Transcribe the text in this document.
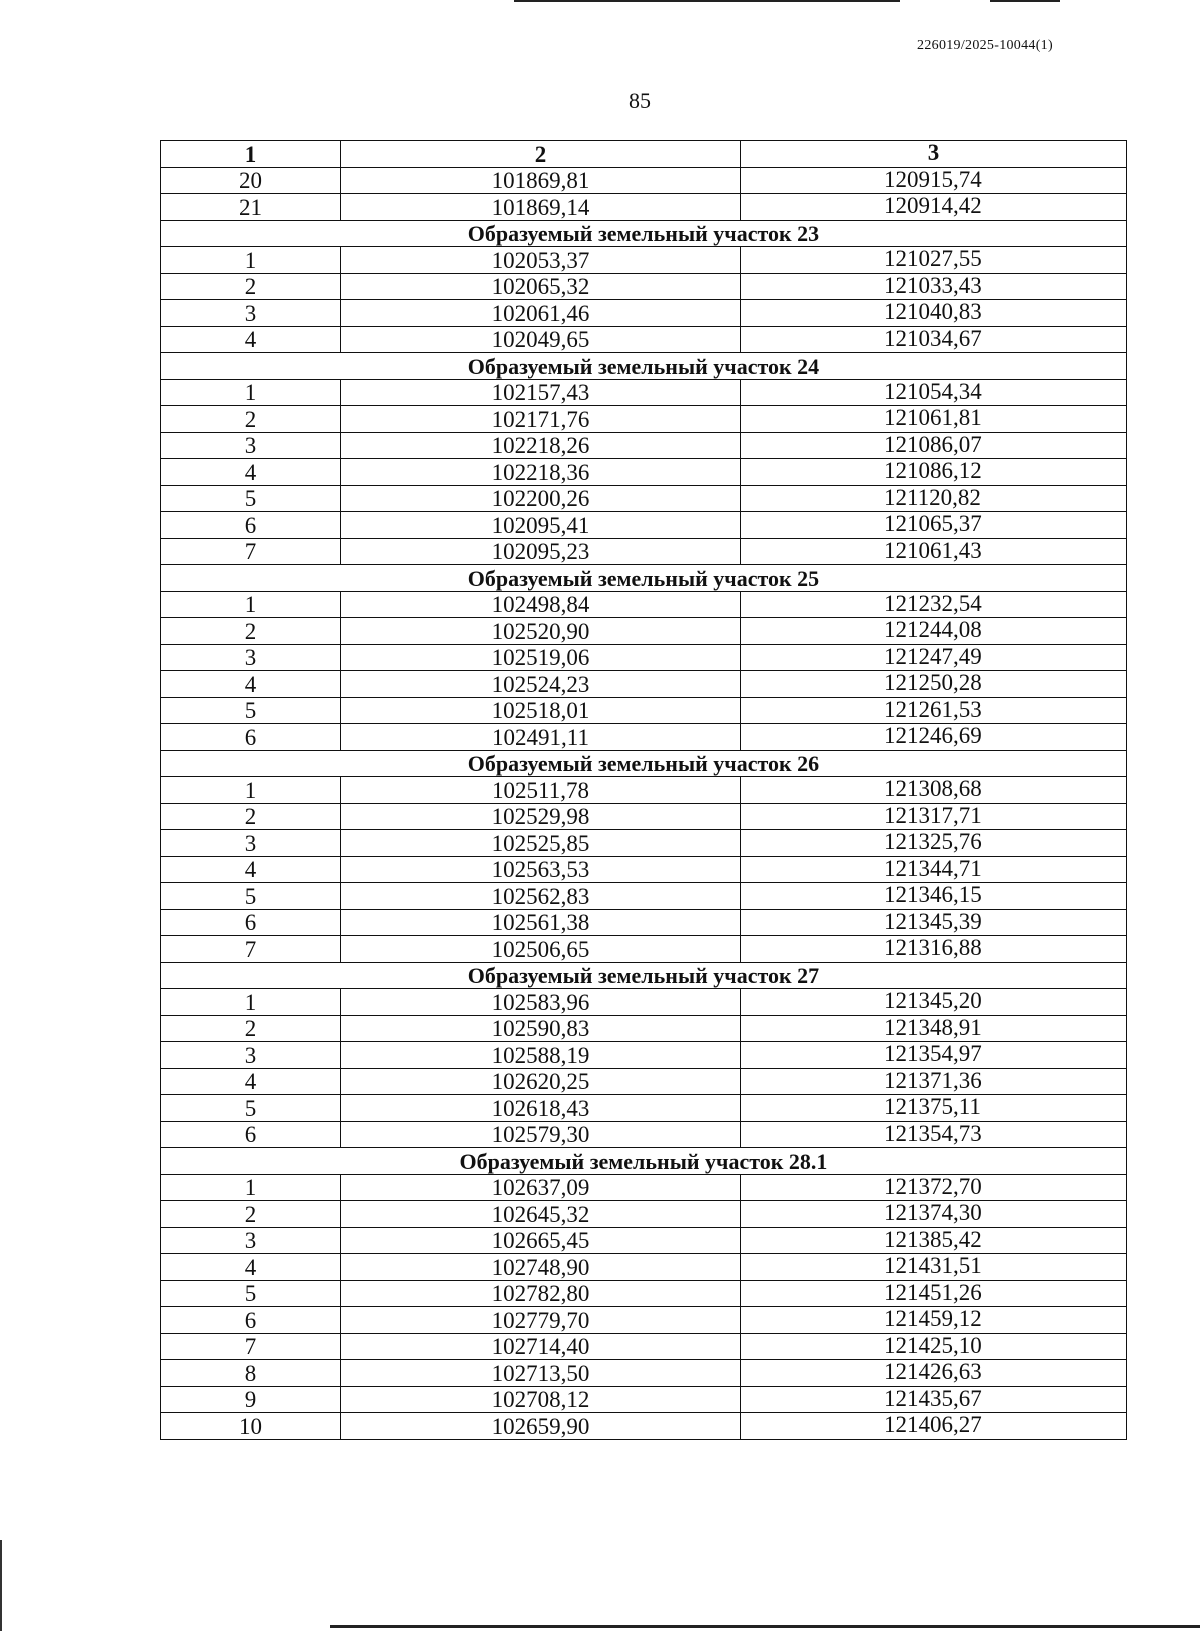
226019/2025-10044(1)
85
1	2	3
20	101869,81	120915,74
21	101869,14	120914,42
Образуемый земельный участок 23		
1	102053,37	121027,55
2	102065,32	121033,43
3	102061,46	121040,83
4	102049,65	121034,67
Образуемый земельный участок 24		
1	102157,43	121054,34
2	102171,76	121061,81
3	102218,26	121086,07
4	102218,36	121086,12
5	102200,26	121120,82
6	102095,41	121065,37
7	102095,23	121061,43
Образуемый земельный участок 25		
1	102498,84	121232,54
2	102520,90	121244,08
3	102519,06	121247,49
4	102524,23	121250,28
5	102518,01	121261,53
6	102491,11	121246,69
Образуемый земельный участок 26		
1	102511,78	121308,68
2	102529,98	121317,71
3	102525,85	121325,76
4	102563,53	121344,71
5	102562,83	121346,15
6	102561,38	121345,39
7	102506,65	121316,88
Образуемый земельный участок 27		
1	102583,96	121345,20
2	102590,83	121348,91
3	102588,19	121354,97
4	102620,25	121371,36
5	102618,43	121375,11
6	102579,30	121354,73
Образуемый земельный участок 28.1		
1	102637,09	121372,70
2	102645,32	121374,30
3	102665,45	121385,42
4	102748,90	121431,51
5	102782,80	121451,26
6	102779,70	121459,12
7	102714,40	121425,10
8	102713,50	121426,63
9	102708,12	121435,67
10	102659,90	121406,27
